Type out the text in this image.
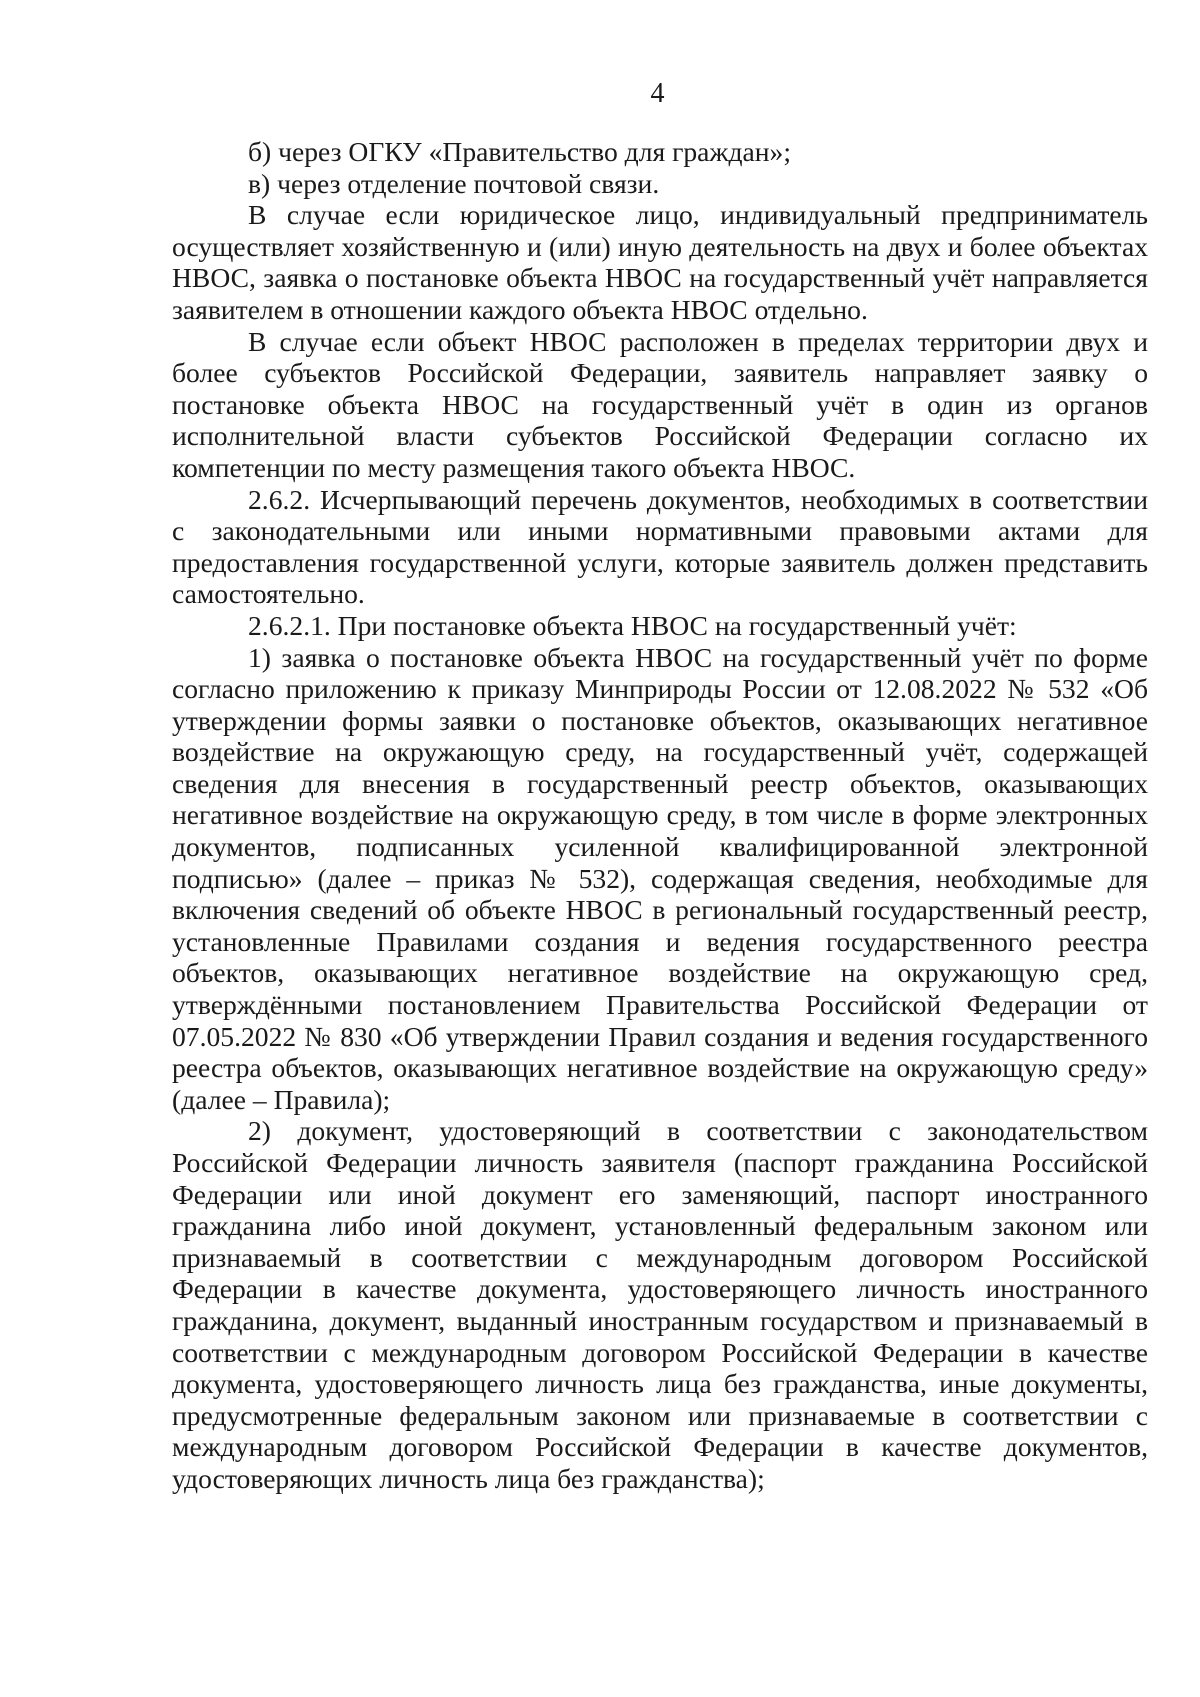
4

б) через ОГКУ «Правительство для граждан»;

в) через отделение почтовой связи.

В случае если юридическое лицо, индивидуальный предприниматель осуществляет хозяйственную и (или) иную деятельность на двух и более объектах НВОС, заявка о постановке объекта НВОС на государственный учёт направляется заявителем в отношении каждого объекта НВОС отдельно.

В случае если объект НВОС расположен в пределах территории двух и более субъектов Российской Федерации, заявитель направляет заявку о постановке объекта НВОС на государственный учёт в один из органов исполнительной власти субъектов Российской Федерации согласно их компетенции по месту размещения такого объекта НВОС.

2.6.2. Исчерпывающий перечень документов, необходимых в соответствии с законодательными или иными нормативными правовыми актами для предоставления государственной услуги, которые заявитель должен представить самостоятельно.

2.6.2.1. При постановке объекта НВОС на государственный учёт:

1) заявка о постановке объекта НВОС на государственный учёт по форме согласно приложению к приказу Минприроды России от 12.08.2022 № 532 «Об утверждении формы заявки о постановке объектов, оказывающих негативное воздействие на окружающую среду, на государственный учёт, содержащей сведения для внесения в государственный реестр объектов, оказывающих негативное воздействие на окружающую среду, в том числе в форме электронных документов, подписанных усиленной квалифицированной электронной подписью» (далее – приказ № 532), содержащая сведения, необходимые для включения сведений об объекте НВОС в региональный государственный реестр, установленные Правилами создания и ведения государственного реестра объектов, оказывающих негативное воздействие на окружающую сред, утверждёнными постановлением Правительства Российской Федерации от 07.05.2022 № 830 «Об утверждении Правил создания и ведения государственного реестра объектов, оказывающих негативное воздействие на окружающую среду» (далее – Правила);

2) документ, удостоверяющий в соответствии с законодательством Российской Федерации личность заявителя (паспорт гражданина Российской Федерации или иной документ его заменяющий, паспорт иностранного гражданина либо иной документ, установленный федеральным законом или признаваемый в соответствии с международным договором Российской Федерации в качестве документа, удостоверяющего личность иностранного гражданина, документ, выданный иностранным государством и признаваемый в соответствии с международным договором Российской Федерации в качестве документа, удостоверяющего личность лица без гражданства, иные документы, предусмотренные федеральным законом или признаваемые в соответствии с международным договором Российской Федерации в качестве документов, удостоверяющих личность лица без гражданства);
